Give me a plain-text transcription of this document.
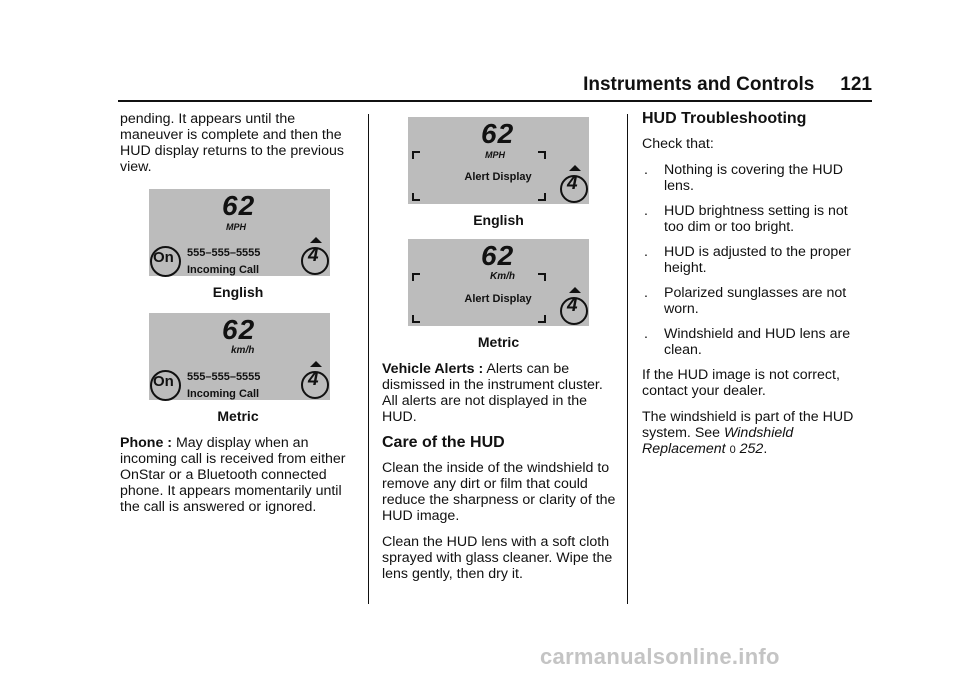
Instruments and Controls 121

pending. It appears until the maneuver is complete and then the HUD display returns to the previous view.

62
MPH
On 555–555–5555
Incoming Call
4
English
62
km/h
On 555–555–5555
Incoming Call
4
Metric

Phone : May display when an incoming call is received from either OnStar or a Bluetooth connected phone. It appears momentarily until the call is answered or ignored.

62
MPH
Alert Display	4
English
62
Km/h
Alert Display	4
Metric

Vehicle Alerts : Alerts can be dismissed in the instrument cluster. All alerts are not displayed in the HUD.

Care of the HUD

Clean the inside of the windshield to remove any dirt or film that could reduce the sharpness or clarity of the HUD image.

Clean the HUD lens with a soft cloth sprayed with glass cleaner. Wipe the lens gently, then dry it.

HUD Troubleshooting

Check that:

.	Nothing is covering the HUD lens.
.	HUD brightness setting is not too dim or too bright.
.	HUD is adjusted to the proper height.
.	Polarized sunglasses are not worn.
.	Windshield and HUD lens are clean.

If the HUD image is not correct, contact your dealer.

The windshield is part of the HUD system. See Windshield Replacement 0 252.

carmanualsonline.info
